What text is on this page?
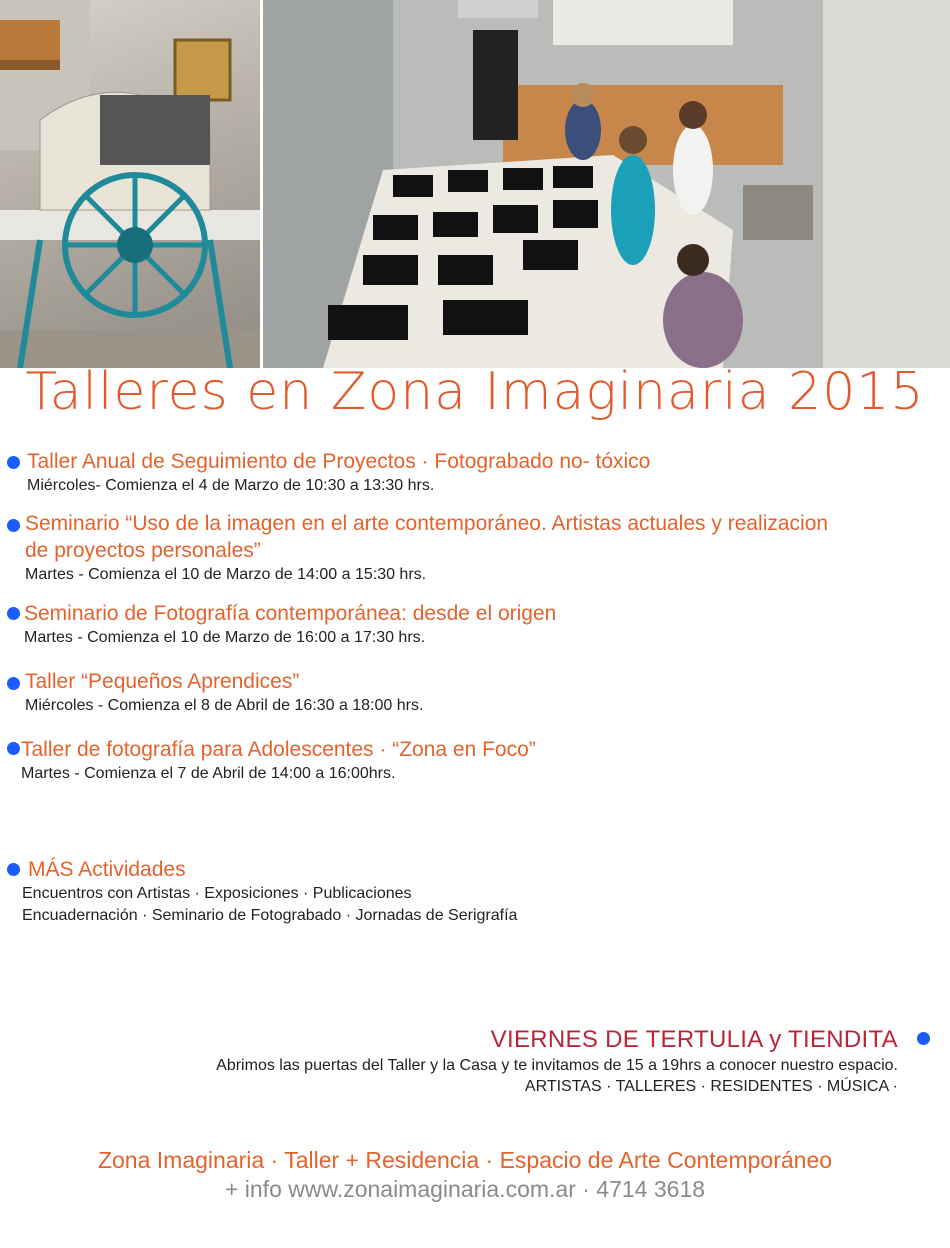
Talleres en Zona Imaginaria 2015
Taller Anual de Seguimiento de Proyectos · Fotograbado no- tóxico
Miércoles- Comienza el 4 de Marzo de 10:30 a 13:30 hrs.
Seminario “Uso de la imagen en el arte contemporáneo. Artistas actuales y realizacion
de proyectos personales”
Martes - Comienza el 10 de Marzo de 14:00 a 15:30 hrs.
Seminario de Fotografía contemporánea: desde el origen
Martes - Comienza el 10 de Marzo de 16:00 a 17:30 hrs.
Taller “Pequeños Aprendices”
Miércoles - Comienza el 8 de Abril de 16:30 a 18:00 hrs.
Taller de fotografía para Adolescentes · “Zona en Foco”
Martes - Comienza el 7 de Abril de 14:00 a 16:00hrs.
MÁS Actividades
Encuentros con Artistas · Exposiciones · Publicaciones
Encuadernación · Seminario de Fotograbado · Jornadas de Serigrafía
VIERNES DE TERTULIA y TIENDITA
Abrimos las puertas del Taller y la Casa y te invitamos de 15 a 19hrs a conocer nuestro espacio.
ARTISTAS · TALLERES · RESIDENTES · MÚSICA ·
Zona Imaginaria · Taller + Residencia · Espacio de Arte Contemporáneo
+ info www.zonaimaginaria.com.ar · 4714 3618
